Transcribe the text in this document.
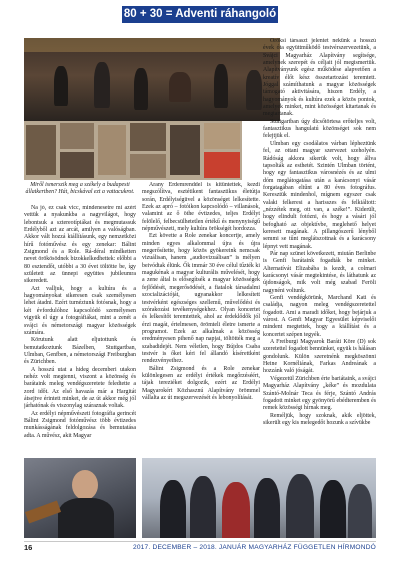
80 + 30 = Adventi ráhangoló
Miről ismerszik meg a székely a budapesti állatkertben? Hát, bicskával ezt a vattacukrot.

Na jó, ez csak vicc, mindenesetre mi azért vettük a nyakunkba a nagyvilágot, hogy lebontsuk a sztereotípiákat és megmutassuk Erdélyből azt az arcát, amilyen a valóságban. Akkor vált hozzá kiállításunk, egy nemzetközi hírű fotóművész és egy zenekar: Bálint Zsigmond és a Role. Rá-déral mindketten nevet örökösödnek bizokkelkedhettek: előbbi a 80 esztendőt, utóbbi a 30 évet töltötte be, így született az ünnepi együttes jubileumra sikeredett.

Azt valljuk, hogy a kultúra és a hagyományokat sikeresen csak személyesen lehet átadni. Ezért turnéztunk fotósnak, hogy a két évfordulóhoz kapcsolódó személyesen vigyük el úgy a fotográfiákat, mint a zenét a svájci és németországi magyar közösségek számára.

Körutunk alatt eljutottunk és bemutatkoztunk Bázelben, Stuttgartban, Ulmban, Genfben, a németországi Freiburgban és Zürichben.

A hosszú utat a hideg decemberi utakon nehéz volt megtenni, viszont a közönség és barátaink meleg vendégszeretete feledtette a zord időt. Az első havazás már a Hargitát átsejtve érintett minket, de az út akkor még jól járhatónak és viszonylag száraznak voltak.

Az erdélyi népművészeti fotográfia gerincét Bálint Zsigmond fotóművész több évtizedes munkásságának feldolgozása és bemutatása adta. A művész, akit Magyar

Arany Érdemrenddel is kitüntettek, kezdi megszólítva, esztétikent fantasztikus életútja során, Erdélyiségüvel a közönséget lelkesítette. Ezek az apró – fotóikon kapcsolódó – villanások, valamint az ő öthe évtizedes, teljes Erdélyt felölelő, felbecsülhetetlen értékű és menynyiségű népművészeti, mely kultúra örökségét hordozza.

Ezt követte a Role zenekar koncertje, amely minden egyes alkalommal újra és újra megerősítette, hogy közös gyökereink nemcsak vizuálisan, hanem „audiovizuálisan” is mélyen beivódtak élünk. Ők immár 30 éve célul tűzték ki magukénak a magyar kulturális művelését, hogy a zene által is elősegítsék a magyar közösségek fejlődését, megerősödését, a fiatalok társadalmi szocializációját, ugyanakkor lelkesített testvérként egészséges szellemű, művelődési és szórakozási tevékenységekhez. Olyan koncertet és lelkesítőt teremtettek, ahol az érdeklődők jól érzi magát, értelmesen, örömteli életre ismerte a programot. Ezek az alkalmak a közösség eredményesen pihenő nap napjai, töltötték meg a szabadidejét. Nem véletlen, hogy Bújdos Csaba testvér is őket kéri fel állandó kísérettként rendezvényeihez.

Bálint Zsigmond és a Role zenekar különlegesen az erdélyi értékek megőrzéséért, tájak tereziéket dolgozik, ezért az Erdélyi Magyarokért Közhasznú Alapítvány örömmel vállalta az út megszervezését és lebonyolítását.

Öröksi társaszt jelentet nekünk a hosszú évek óta együttműködő testvérszervezetünk, a Svájci Magyarház Alapítvány segítsége, amelynek szerepét és céljait jól megismertük. Alapítványunk egész működése alapvetően a kreatív élőt kész összetartozást teremtett. Jóggal számíthatunk a magyar közösségek támogató aktivitására, hiszen Erdély, a hagyományok és kultúra ezek a közös pontok, amelyek minket, mint közösséget kitartanak és megtartanak.

Stuttgartban úgy dicsőtörtesa erőteljes volt, fantasztikus hangulatú közönséget sok nem felejtjük el.

Ulmban egy csodálatos várban lépheztünk fel, az ottani magyar szervezet szeholyén. Rádóság akkora sikerük volt, hogy állva tapsolták az esthetét. Szintén Ulmban történt, hogy egy fantasztikus városnézés és az ulmi dóm meglátogatása után a karácsonyi vásár forgatagában eltűnt a 80 éves fotográfus. Keresztük mindenhol, mígnem egyszer csak valaki felkeresi a harisszes és felkiáltott: „nézzétek meg, ott van, a széke!”. Kiderült, hogy elindult fotózni, és hogy a vásári jól befogható az objektívbe, meglehető helyet keresett magának. A pillangószerű lényből semmi se tűnt meglátszottnak és a karácsony lépnyt vett magának.

Pár nap szünet következett, miután Berlinbe is Genfi barátaink fogadták be minket. Alternatívát Elizabába is kezdt, a colmari karácsonyi vásár megtekintése, és láthatunk az újdonságok, mik volt még szabad Feröli nagynéni voltunk.

Genfi vendégkörünk, Marchand Kati és családja, nagyon meleg vendégszeretettel fogadott. Ami a maradi időket, hogy bejárjuk a várost. A Genfi Magyar Egyesület képviselői mindent megtettek, hogy a kiállítást és a koncertet szépen tegyék.

A Freiburgi Magyarok Baráti Köre (D) sok szeretettel fogadott bennünket, együk is hálásan gondolunk. Külön szeretnénk megköszönni Heine Kornéliának, Farkas Andreának a hozzánk való jóságát.

Végezetül Zürichben érte bariátaink, a svájci Magyarház Alapítvány „kéke” és mozdulata Szántó-Molnár Teca és férje, Szántó András fogadott minket egy gyönyörű ebédteremben és remek közösségi hírnak meg.

Reméljük, hogy szoknak, akik eljöttek, sikerült egy kis melegedőt hozunk a szívükbe

16	2017. DECEMBER – 2018. JANUÁR MAGYARHÁZ FÜGGETLEN HÍRMONDÓ
